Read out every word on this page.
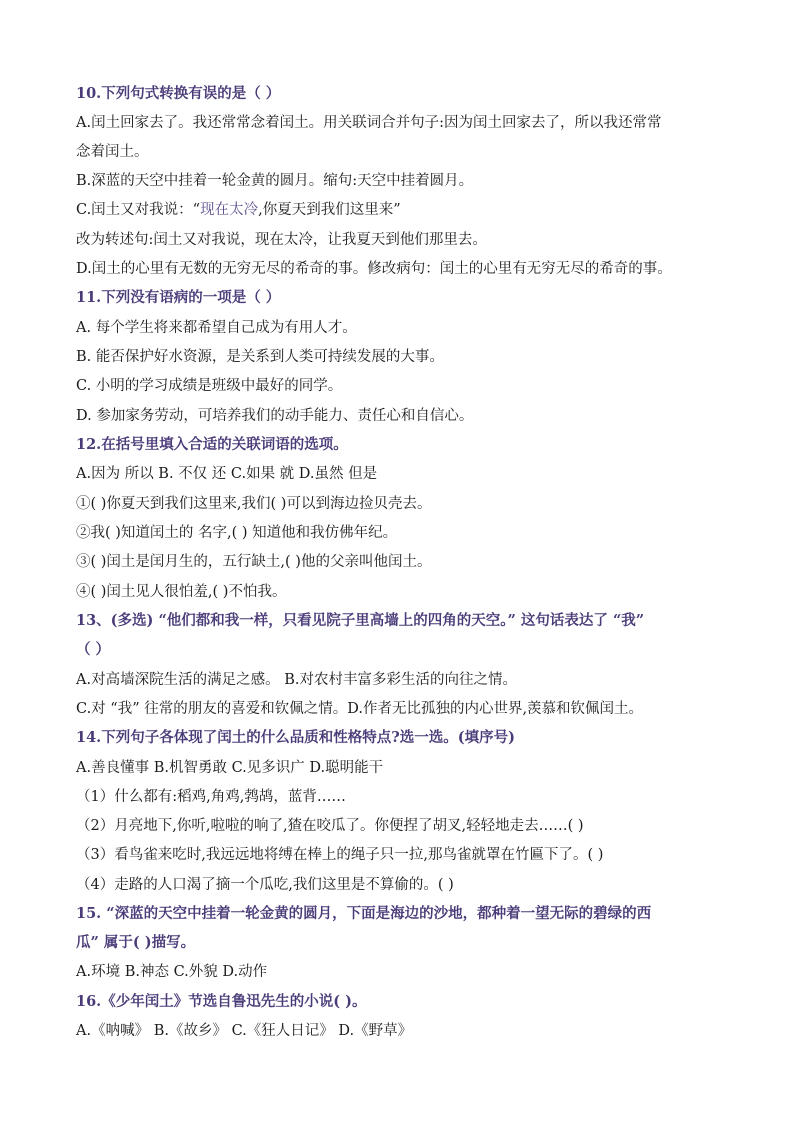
10.下列句式转换有误的是（ ）
A.闰土回家去了。我还常常念着闰土。用关联词合并句子:因为闰土回家去了，所以我还常常
念着闰土。
B.深蓝的天空中挂着一轮金黄的圆月。缩句:天空中挂着圆月。
C.闰土又对我说：“现在太冷,你夏天到我们这里来”
改为转述句:闰土又对我说，现在太冷，让我夏天到他们那里去。
D.闰土的心里有无数的无穷无尽的希奇的事。修改病句：闰土的心里有无穷无尽的希奇的事。
11.下列没有语病的一项是（ ）
A. 每个学生将来都希望自己成为有用人才。
B. 能否保护好水资源，是关系到人类可持续发展的大事。
C. 小明的学习成绩是班级中最好的同学。
D. 参加家务劳动，可培养我们的动手能力、责任心和自信心。
12.在括号里填入合适的关联词语的选项。
A.因为 所以 B. 不仅 还 C.如果 就 D.虽然 但是
①( )你夏天到我们这里来,我们( )可以到海边捡贝壳去。
②我( )知道闰土的 名字,( ) 知道他和我仿佛年纪。
③( )闰土是闰月生的，五行缺土,( )他的父亲叫他闰土。
④( )闰土见人很怕羞,( )不怕我。
13、(多选) “他们都和我一样，只看见院子里高墙上的四角的天空。” 这句话表达了 “我”
（ ）
A.对高墙深院生活的满足之感。 B.对农村丰富多彩生活的向往之情。
C.对 “我” 往常的朋友的喜爱和钦佩之情。D.作者无比孤独的内心世界,羡慕和钦佩闰土。
14.下列句子各体现了闰土的什么品质和性格特点?选一选。(填序号)
A.善良懂事 B.机智勇敢 C.见多识广 D.聪明能干
（1）什么都有:稻鸡,角鸡,鹁鸪，蓝背……
（2）月亮地下,你听,啦啦的响了,猹在咬瓜了。你便捏了胡叉,轻轻地走去……( )
（3）看鸟雀来吃时,我远远地将缚在棒上的绳子只一拉,那鸟雀就罩在竹匾下了。( )
（4）走路的人口渴了摘一个瓜吃,我们这里是不算偷的。( )
15. “深蓝的天空中挂着一轮金黄的圆月，下面是海边的沙地，都种着一望无际的碧绿的西
瓜” 属于( )描写。
A.环境 B.神态 C.外貌 D.动作
16.《少年闰土》节选自鲁迅先生的小说( )。
A.《呐喊》 B.《故乡》 C.《狂人日记》 D.《野草》
